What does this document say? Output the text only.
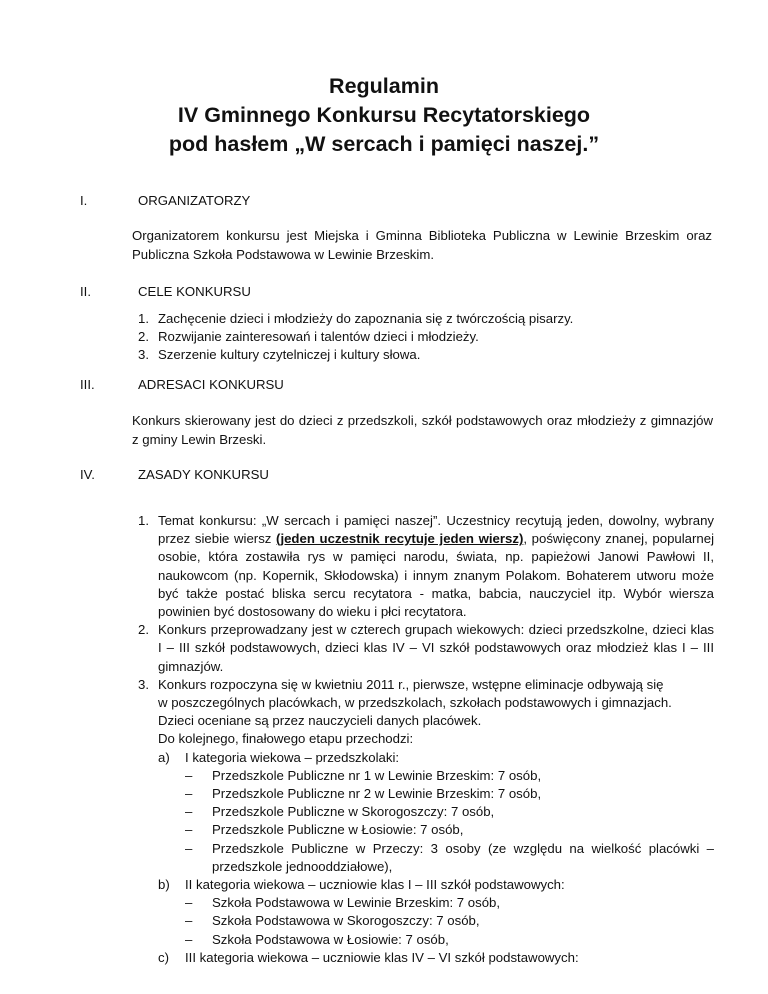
Regulamin
IV Gminnego Konkursu Recytatorskiego
pod hasłem „W sercach i pamięci naszej.”
I.	ORGANIZATORZY
Organizatorem konkursu jest Miejska i Gminna Biblioteka Publiczna w Lewinie Brzeskim oraz Publiczna Szkoła Podstawowa w Lewinie Brzeskim.
II.	CELE KONKURSU
1. Zachęcenie dzieci i młodzieży do zapoznania się z twórczością pisarzy.
2. Rozwijanie zainteresowań i talentów dzieci i młodzieży.
3. Szerzenie kultury czytelniczej i kultury słowa.
III.	ADRESACI KONKURSU
Konkurs skierowany jest do dzieci z przedszkoli, szkół podstawowych oraz młodzieży z gimnazjów z gminy Lewin Brzeski.
IV.	ZASADY KONKURSU
1. Temat konkursu: „W sercach i pamięci naszej”. Uczestnicy recytują jeden, dowolny, wybrany przez siebie wiersz (jeden uczestnik recytuje jeden wiersz), poświęcony znanej, popularnej osobie, która zostawiła rys w pamięci narodu, świata, np. papieżowi Janowi Pawłowi II, naukowcom (np. Kopernik, Skłodowska) i innym znanym Polakom. Bohaterem utworu może być także postać bliska sercu recytatora - matka, babcia, nauczyciel itp. Wybór wiersza powinien być dostosowany do wieku i płci recytatora.
2. Konkurs przeprowadzany jest w czterech grupach wiekowych: dzieci przedszkolne, dzieci klas I – III szkół podstawowych, dzieci klas IV – VI szkół podstawowych oraz młodzież klas I – III gimnazjów.
3. Konkurs rozpoczyna się w kwietniu 2011 r., pierwsze, wstępne eliminacje odbywają się
w poszczególnych placówkach, w przedszkolach, szkołach podstawowych i gimnazjach.
Dzieci oceniane są przez nauczycieli danych placówek.
Do kolejnego, finałowego etapu przechodzi:
a) I kategoria wiekowa – przedszkolaki:
– Przedszkole Publiczne nr 1 w Lewinie Brzeskim: 7 osób,
– Przedszkole Publiczne nr 2 w Lewinie Brzeskim: 7 osób,
– Przedszkole Publiczne w Skorogoszczy: 7 osób,
– Przedszkole Publiczne w Łosiowie: 7 osób,
– Przedszkole Publiczne w Przeczy: 3 osoby (ze względu na wielkość placówki – przedszkole jednooddziałowe),
b) II kategoria wiekowa – uczniowie klas I – III szkół podstawowych:
– Szkoła Podstawowa w Lewinie Brzeskim: 7 osób,
– Szkoła Podstawowa w Skorogoszczy: 7 osób,
– Szkoła Podstawowa w Łosiowie: 7 osób,
c) III kategoria wiekowa – uczniowie klas IV – VI szkół podstawowych:
